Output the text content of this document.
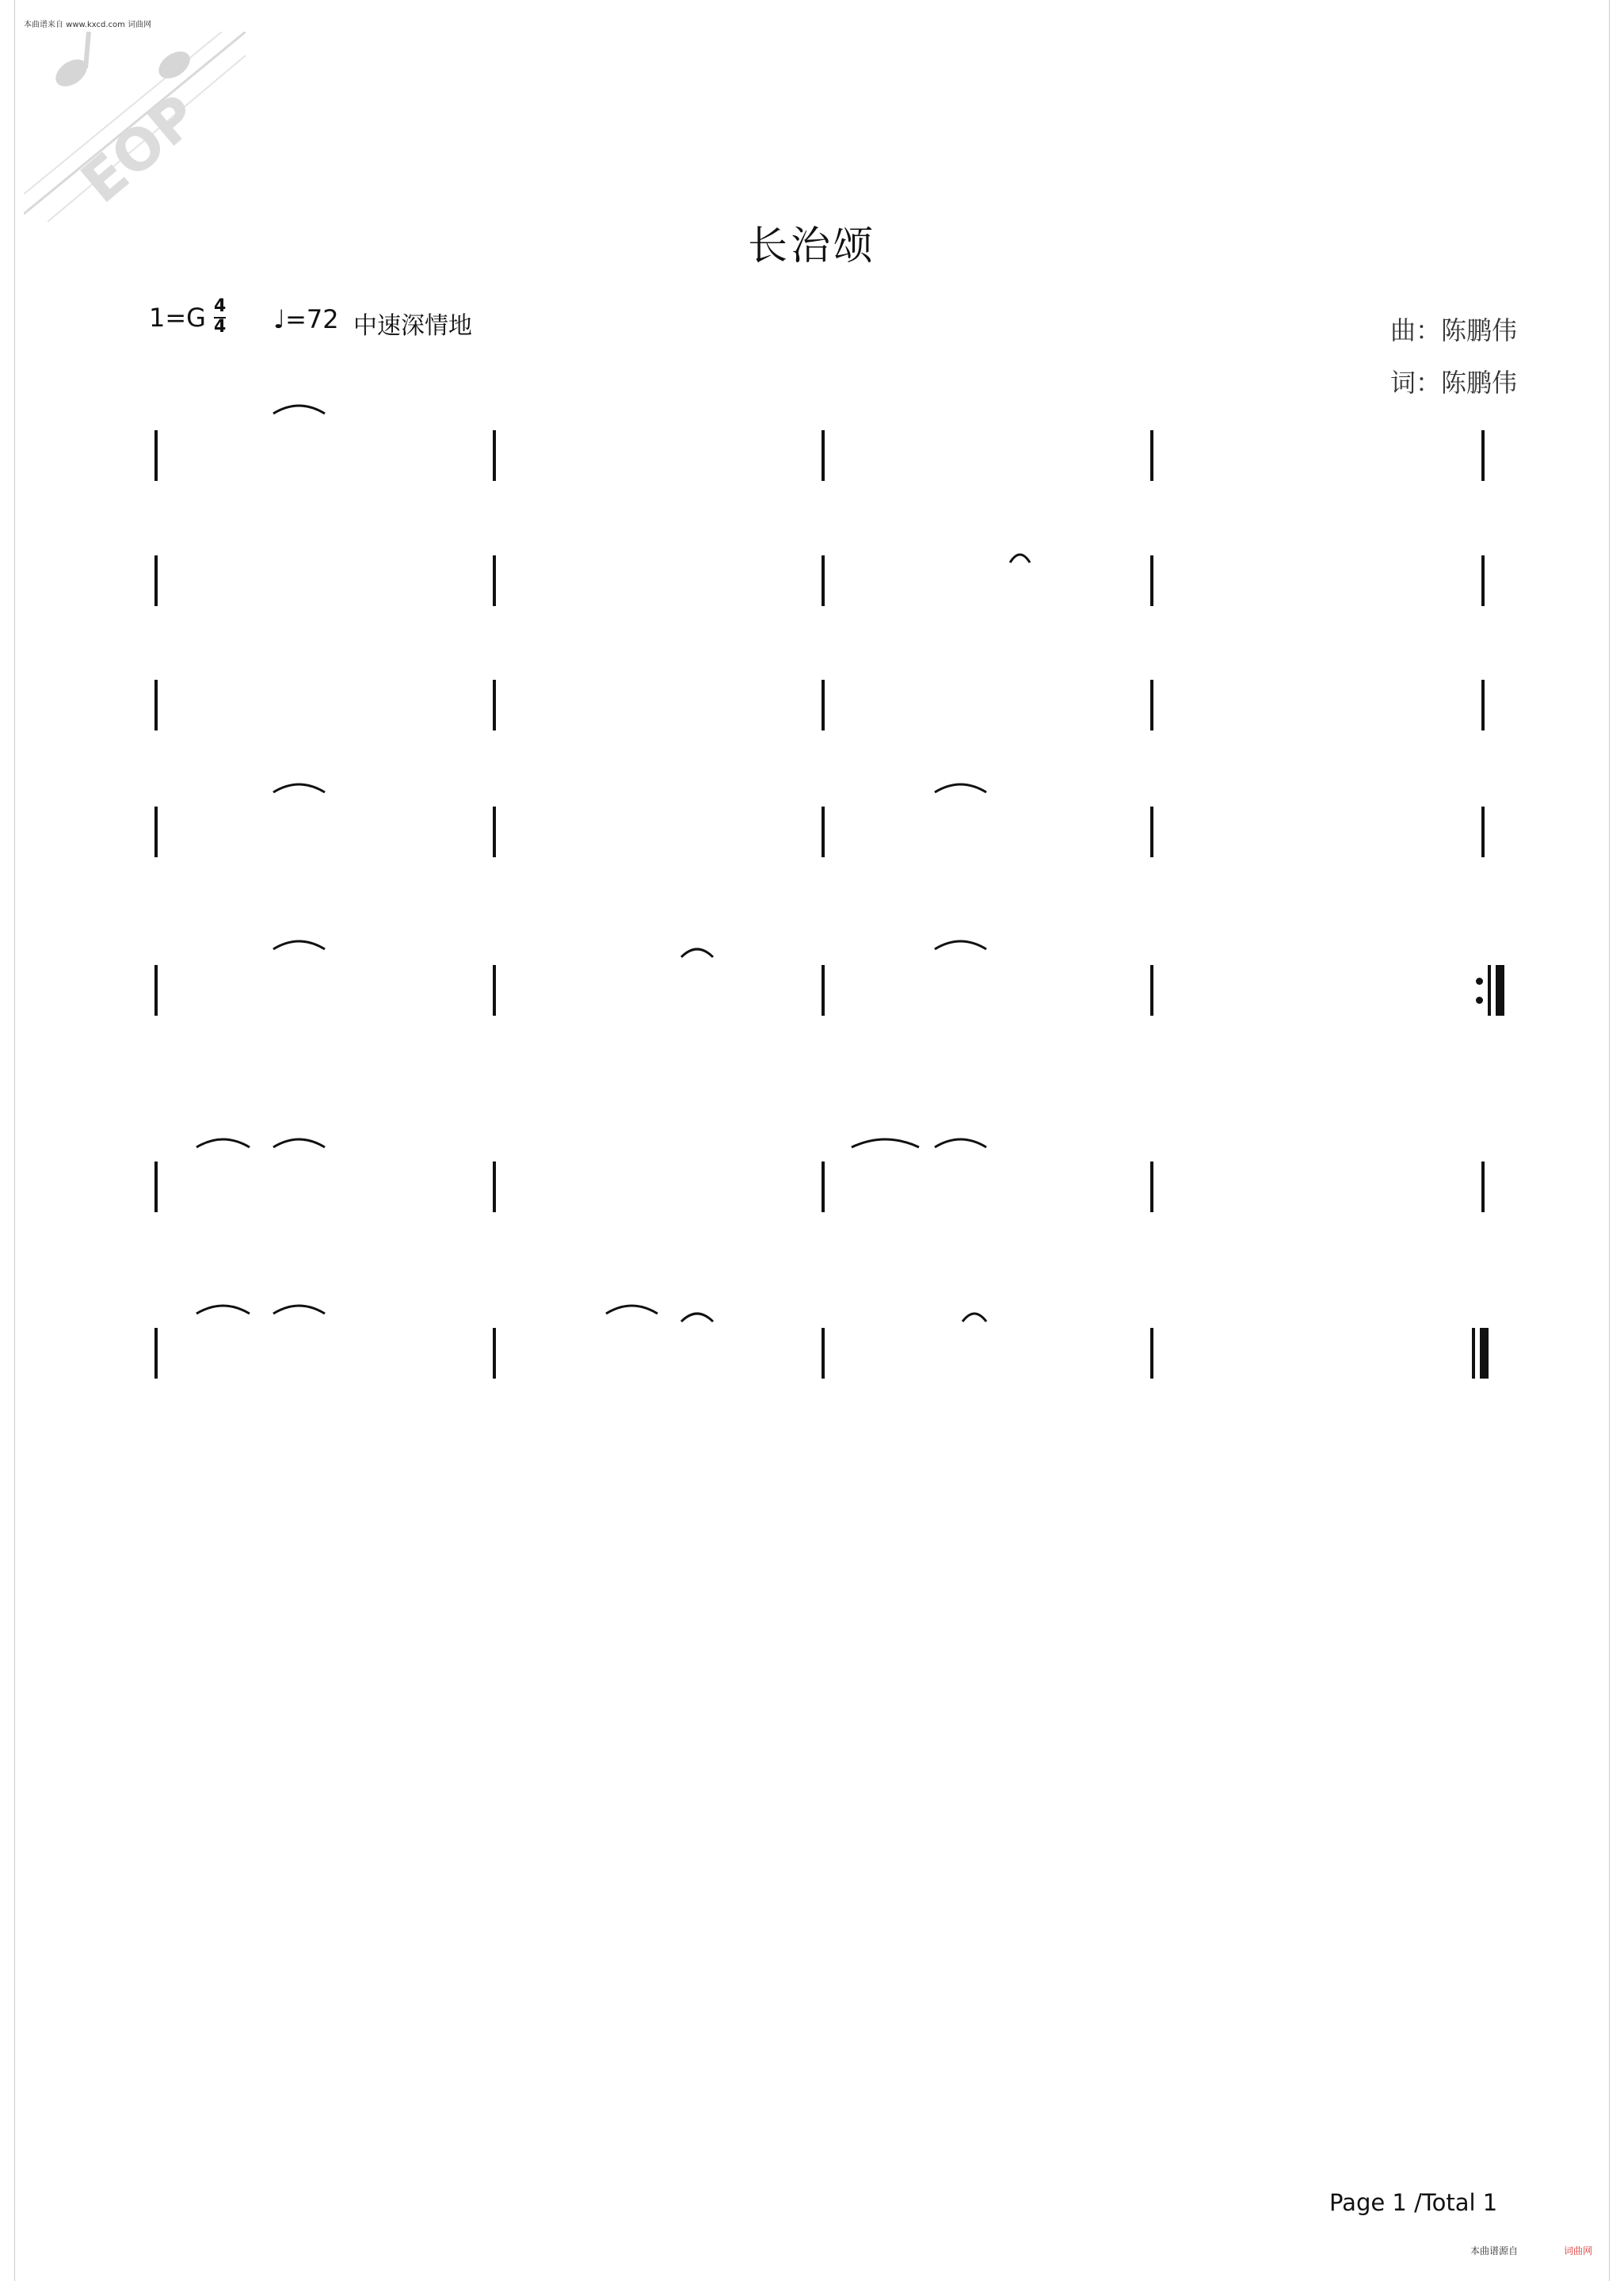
本曲谱来自 www.kxcd.com 词曲网
EOP
长治颂
1=G 4
4 ♩=72 中速深情地	曲：陈鹏伟
词：陈鹏伟
Page 1 /Total 1
本曲谱源自	词曲网
